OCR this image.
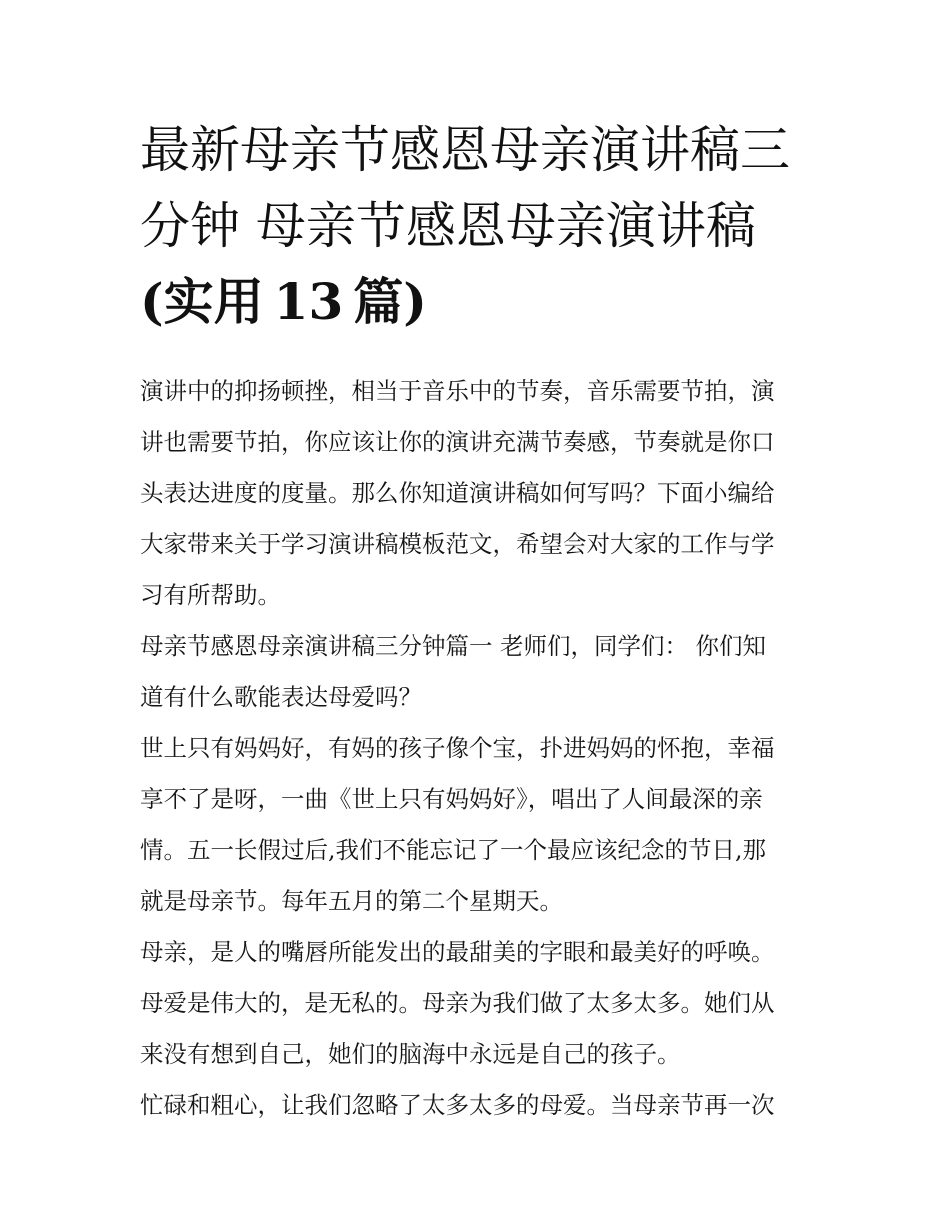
最新母亲节感恩母亲演讲稿三
分钟 母亲节感恩母亲演讲稿
(实用 13 篇)

演讲中的抑扬顿挫，相当于音乐中的节奏，音乐需要节拍，演
讲也需要节拍，你应该让你的演讲充满节奏感，节奏就是你口
头表达进度的度量。那么你知道演讲稿如何写吗？下面小编给
大家带来关于学习演讲稿模板范文，希望会对大家的工作与学
习有所帮助。

母亲节感恩母亲演讲稿三分钟篇一 老师们，同学们： 你们知
道有什么歌能表达母爱吗？

世上只有妈妈好，有妈的孩子像个宝，扑进妈妈的怀抱，幸福
享不了是呀，一曲《世上只有妈妈好》，唱出了人间最深的亲
情。五一长假过后,我们不能忘记了一个最应该纪念的节日,那
就是母亲节。每年五月的第二个星期天。

母亲，是人的嘴唇所能发出的最甜美的字眼和最美好的呼唤。
母爱是伟大的，是无私的。母亲为我们做了太多太多。她们从
来没有想到自己，她们的脑海中永远是自己的孩子。

忙碌和粗心，让我们忽略了太多太多的母爱。当母亲节再一次
